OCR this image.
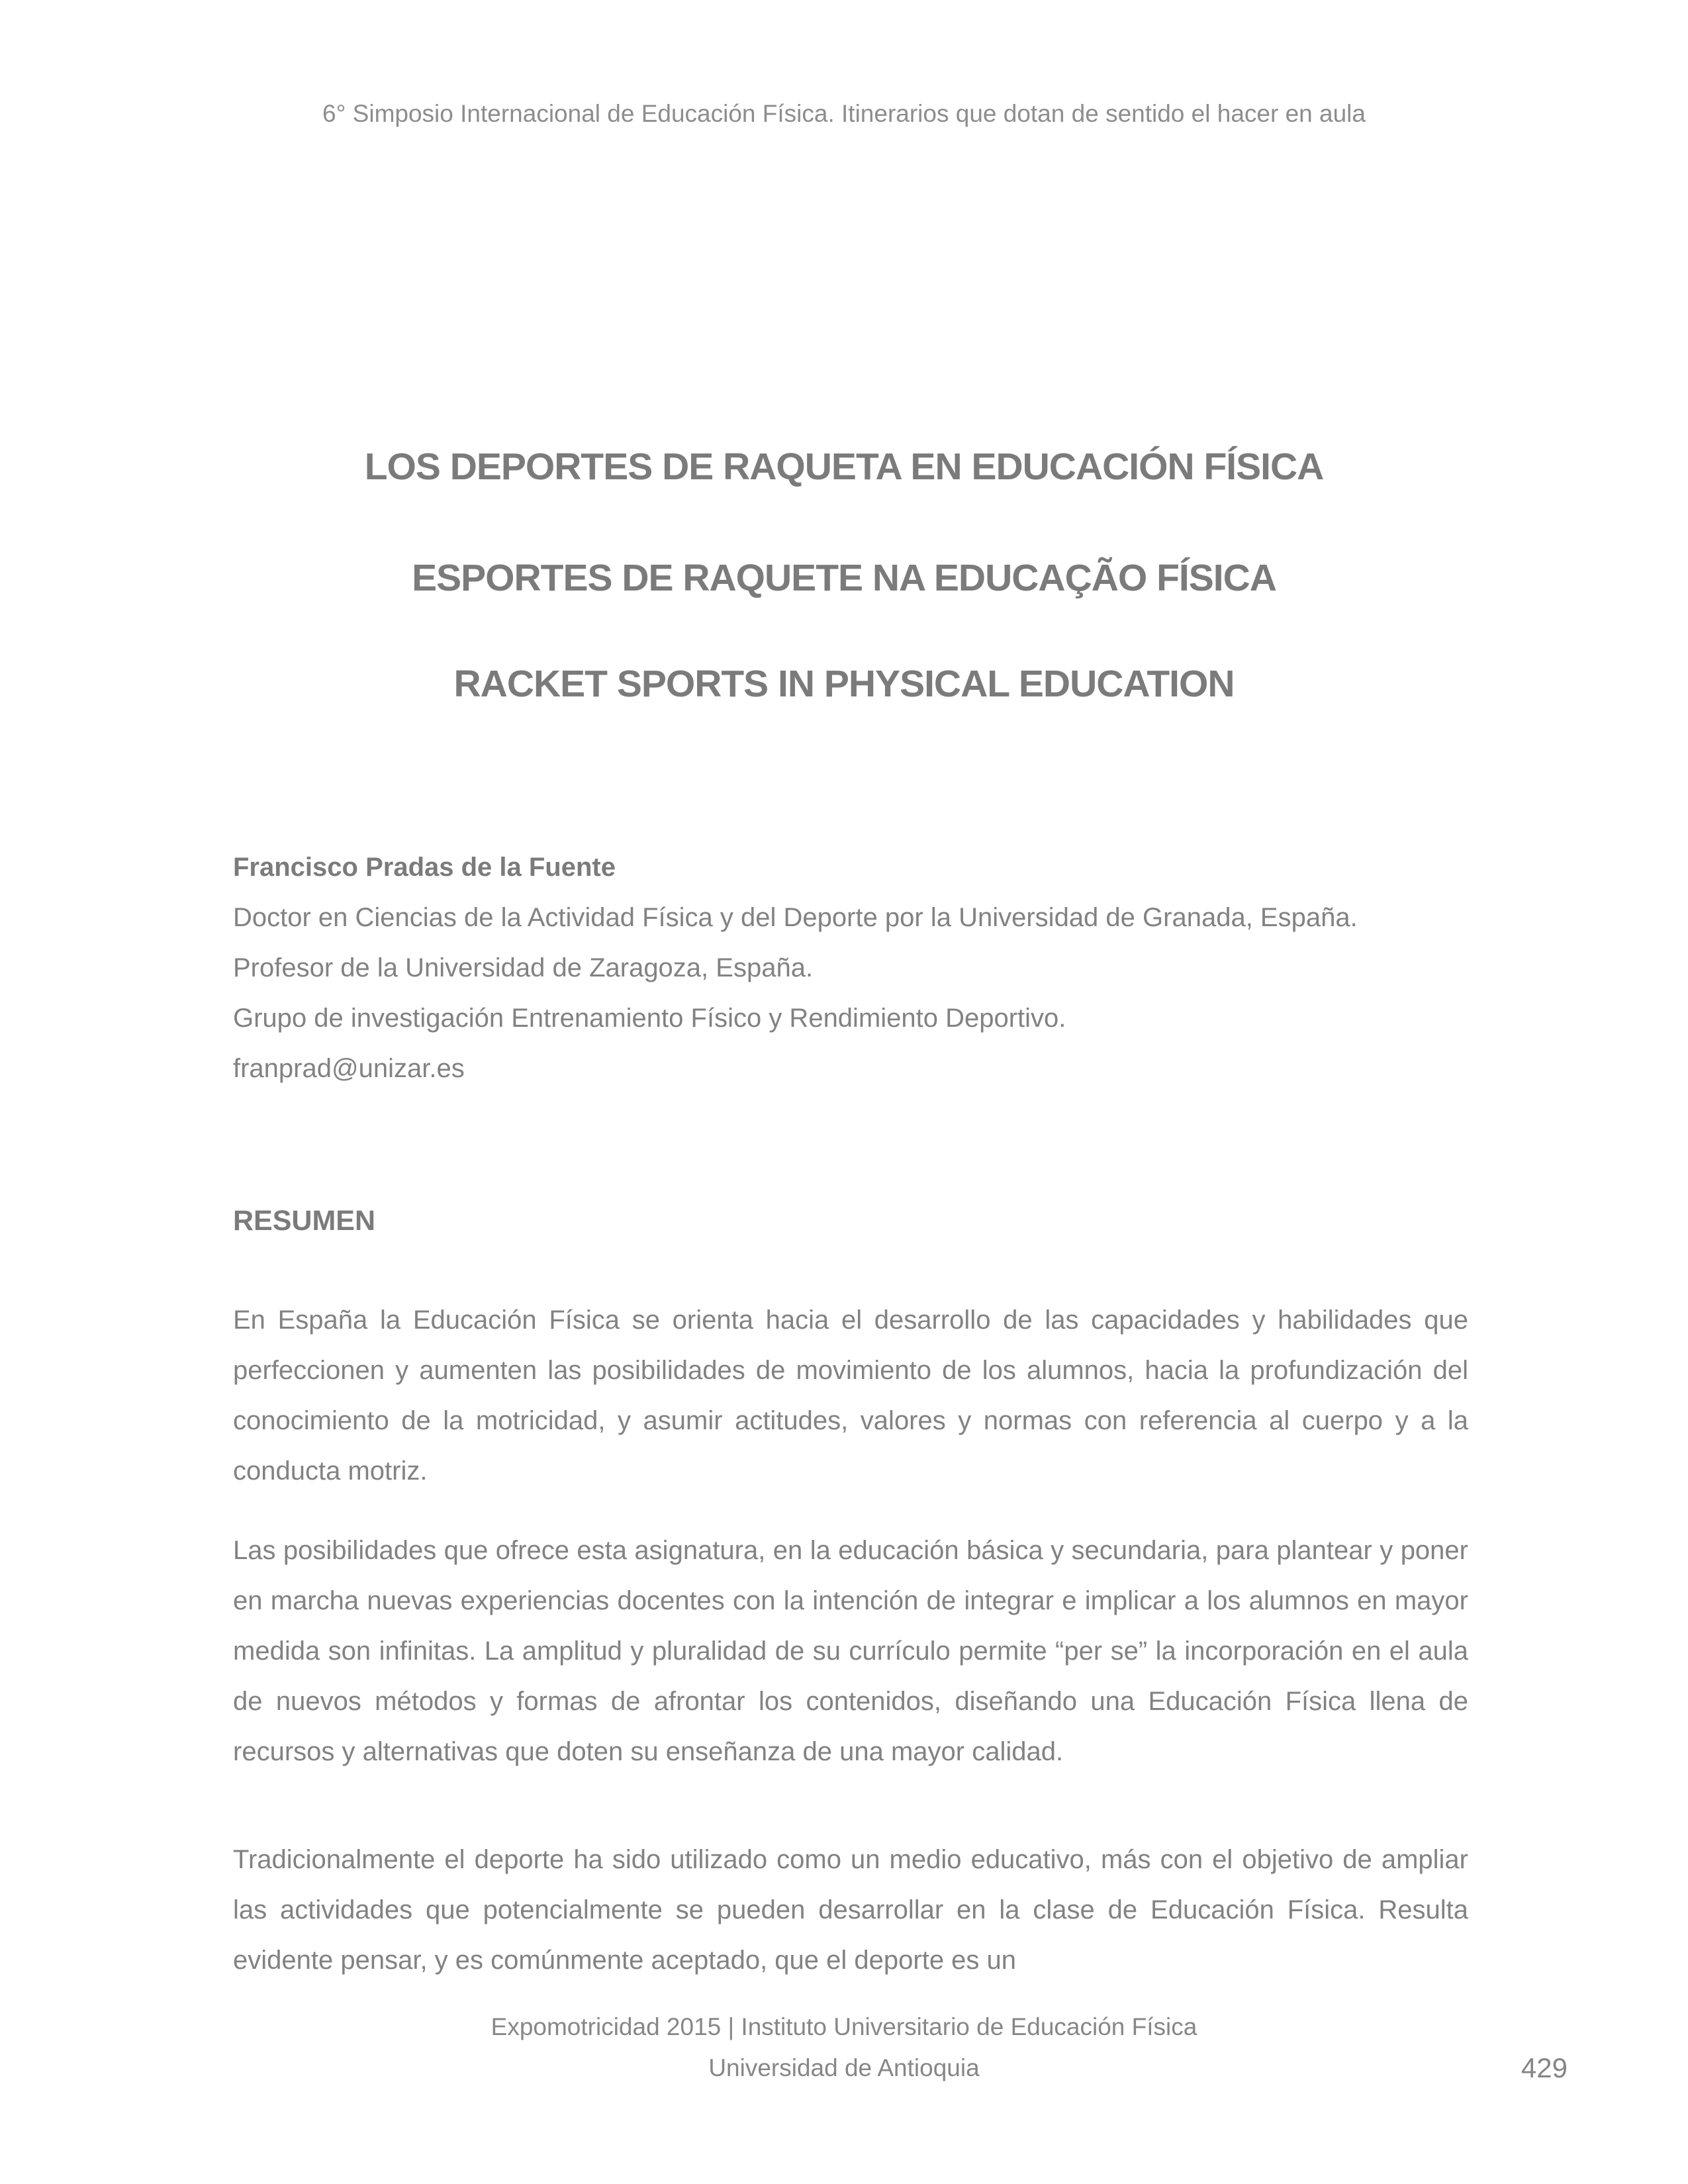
6° Simposio Internacional de Educación Física. Itinerarios que dotan de sentido el hacer en aula
LOS DEPORTES DE RAQUETA EN EDUCACIÓN FÍSICA
ESPORTES DE RAQUETE NA EDUCAÇÃO FÍSICA
RACKET SPORTS IN PHYSICAL EDUCATION
Francisco Pradas de la Fuente
Doctor en Ciencias de la Actividad Física y del Deporte por la Universidad de Granada, España.
Profesor de la Universidad de Zaragoza, España.
Grupo de investigación Entrenamiento Físico y Rendimiento Deportivo.
franprad@unizar.es
RESUMEN

En España la Educación Física se orienta hacia el desarrollo de las capacidades y habilidades que perfeccionen y aumenten las posibilidades de movimiento de los alumnos, hacia la profundización del conocimiento de la motricidad, y asumir actitudes, valores y normas con referencia al cuerpo y a la conducta motriz.

Las posibilidades que ofrece esta asignatura, en la educación básica y secundaria, para plantear y poner en marcha nuevas experiencias docentes con la intención de integrar e implicar a los alumnos en mayor medida son infinitas. La amplitud y pluralidad de su currículo permite “per se” la incorporación en el aula de nuevos métodos y formas de afrontar los contenidos, diseñando una Educación Física llena de recursos y alternativas que doten su enseñanza de una mayor calidad.

Tradicionalmente el deporte ha sido utilizado como un medio educativo, más con el objetivo de ampliar las actividades que potencialmente se pueden desarrollar en la clase de Educación Física. Resulta evidente pensar, y es comúnmente aceptado, que el deporte es un

Expomotricidad 2015 | Instituto Universitario de Educación Física
Universidad de Antioquia	429
